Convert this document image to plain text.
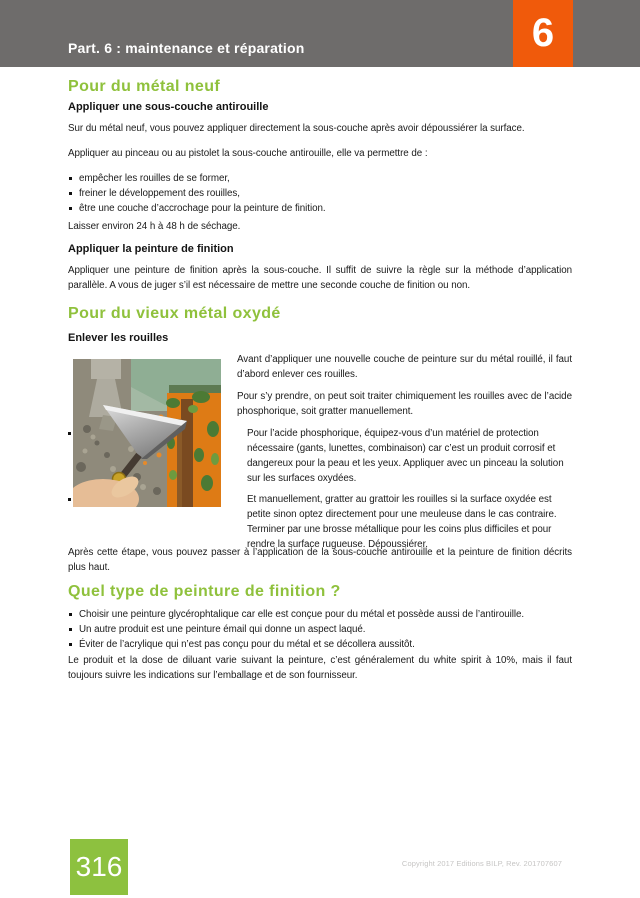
Part. 6 : maintenance et réparation	6
Pour du métal neuf
Appliquer une sous-couche antirouille

Sur du métal neuf, vous pouvez appliquer directement la sous-couche après avoir dépoussiérer la surface.

Appliquer au pinceau ou au pistolet la sous-couche antirouille, elle va permettre de :

empêcher les rouilles de se former,
freiner le développement des rouilles,
être une couche d’accrochage pour la peinture de finition.

Laisser environ 24 h à 48 h de séchage.

Appliquer la peinture de finition

Appliquer une peinture de finition après la sous-couche. Il suffit de suivre la règle sur la méthode d’application parallèle. A vous de juger s’il est nécessaire de mettre une seconde couche de finition ou non.

Pour du vieux métal oxydé
Enlever les rouilles

Avant d’appliquer une nouvelle couche de peinture sur du métal rouillé, il faut d’abord enlever ces rouilles.

Pour s’y prendre, on peut soit traiter chimiquement les rouilles avec de l’acide phosphorique, soit gratter manuellement.

Pour l’acide phosphorique, équipez-vous d’un matériel de protection nécessaire (gants, lunettes, combinaison) car c’est un produit corrosif et dangereux pour la peau et les yeux. Appliquer avec un pinceau la solution sur les surfaces oxydées.

Et manuellement, gratter au grattoir les rouilles si la surface oxydée est petite sinon optez directement pour une meuleuse dans le cas contraire. Terminer par une brosse métallique pour les coins plus difficiles et pour rendre la surface rugueuse. Dépoussiérer.

Après cette étape, vous pouvez passer à l’application de la sous-couche antirouille et la peinture de finition décrits plus haut.

Quel type de peinture de finition ?
Choisir une peinture glycérophtalique car elle est conçue pour du métal et possède aussi de l’antirouille.
Un autre produit est une peinture émail qui donne un aspect laqué.
Éviter de l’acrylique qui n’est pas conçu pour du métal et se décollera aussitôt.

Le produit et la dose de diluant varie suivant la peinture, c’est généralement du white spirit à 10%, mais il faut toujours suivre les indications sur l’emballage et de son fournisseur.

316	Copyright 2017 Editions BILP, Rev. 201707607
